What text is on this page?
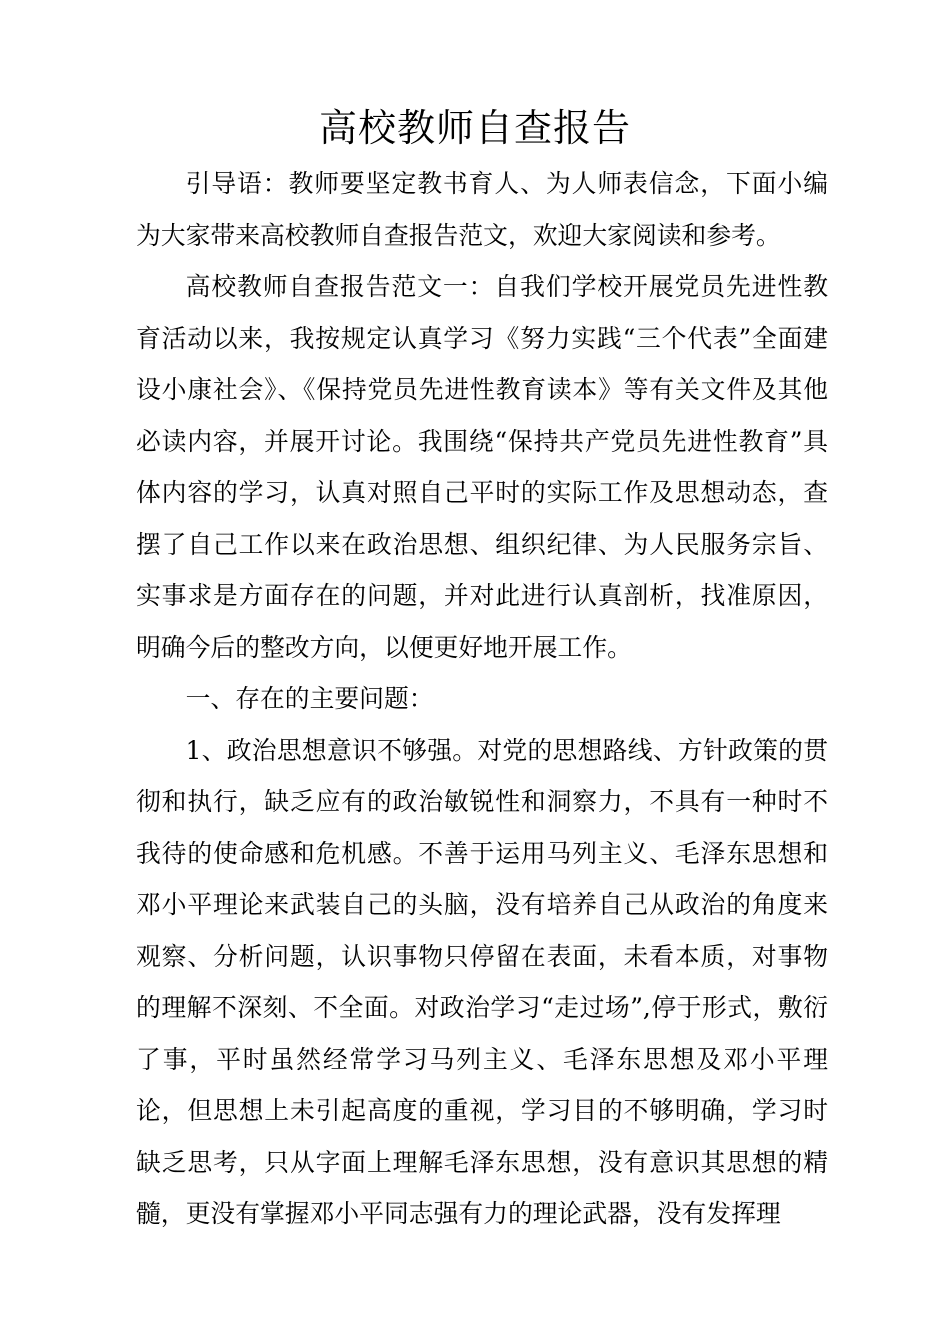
高校教师自查报告

引导语：教师要坚定教书育人、为人师表信念，下面小编为大家带来高校教师自查报告范文，欢迎大家阅读和参考。

高校教师自查报告范文一：自我们学校开展党员先进性教育活动以来，我按规定认真学习《努力实践“三个代表”全面建设小康社会》、《保持党员先进性教育读本》等有关文件及其他必读内容，并展开讨论。我围绕“保持共产党员先进性教育”具体内容的学习，认真对照自己平时的实际工作及思想动态，查摆了自己工作以来在政治思想、组织纪律、为人民服务宗旨、实事求是方面存在的问题，并对此进行认真剖析，找准原因，明确今后的整改方向，以便更好地开展工作。

一、存在的主要问题：

1、政治思想意识不够强。对党的思想路线、方针政策的贯彻和执行，缺乏应有的政治敏锐性和洞察力，不具有一种时不我待的使命感和危机感。不善于运用马列主义、毛泽东思想和邓小平理论来武装自己的头脑，没有培养自己从政治的角度来观察、分析问题，认识事物只停留在表面，未看本质，对事物的理解不深刻、不全面。对政治学习“走过场”,停于形式，敷衍了事，平时虽然经常学习马列主义、毛泽东思想及邓小平理论，但思想上未引起高度的重视，学习目的不够明确，学习时缺乏思考，只从字面上理解毛泽东思想，没有意识其思想的精髓，更没有掌握邓小平同志强有力的理论武器，没有发挥理
